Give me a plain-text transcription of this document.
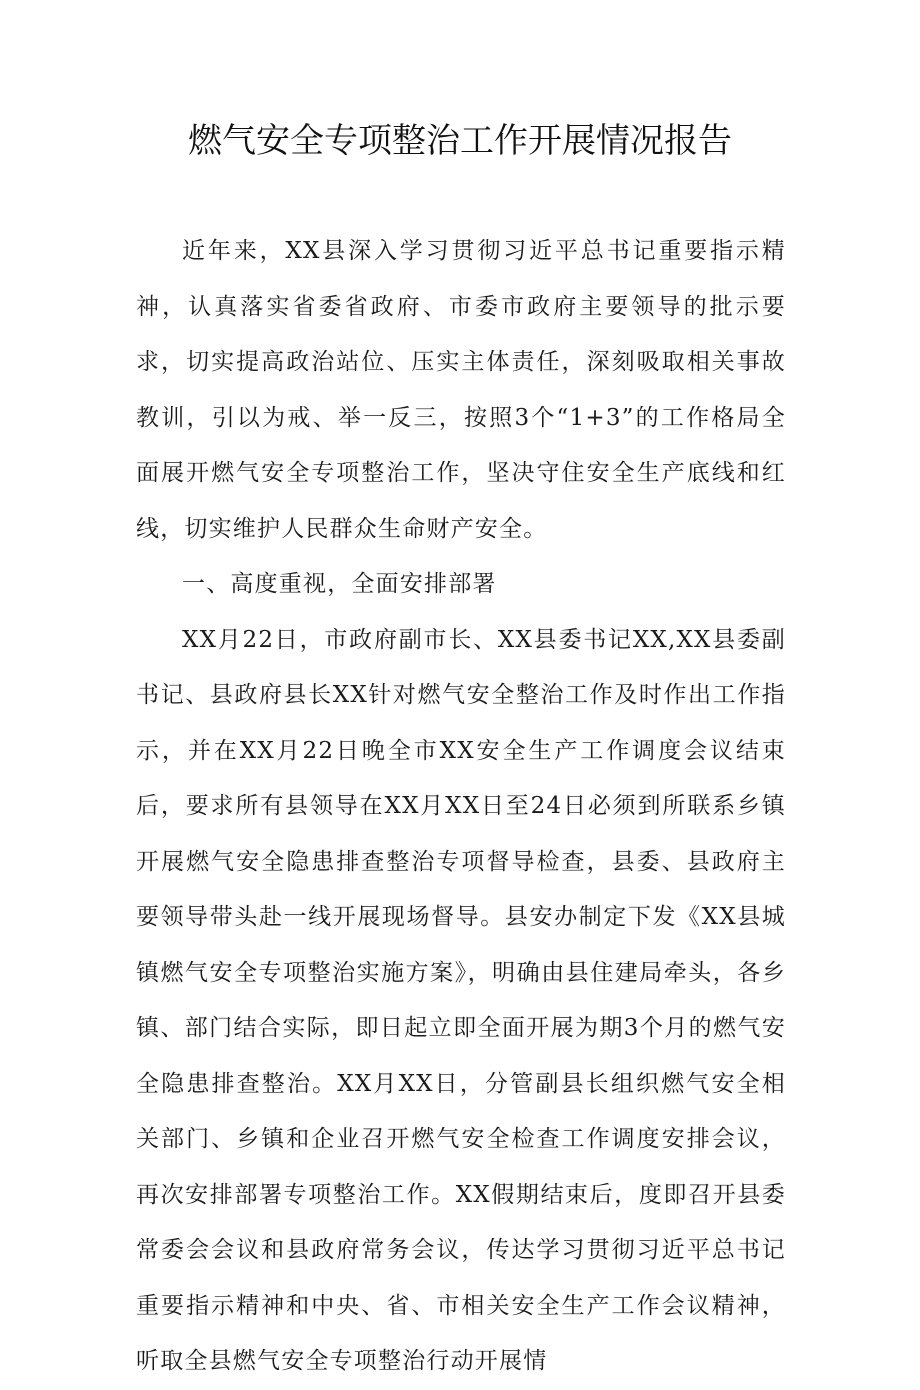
燃气安全专项整治工作开展情况报告

近年来，XX县深入学习贯彻习近平总书记重要指示精神，认真落实省委省政府、市委市政府主要领导的批示要求，切实提高政治站位、压实主体责任，深刻吸取相关事故教训，引以为戒、举一反三，按照3个“1+3”的工作格局全面展开燃气安全专项整治工作，坚决守住安全生产底线和红线，切实维护人民群众生命财产安全。

一、高度重视，全面安排部署

XX月22日，市政府副市长、XX县委书记XX,XX县委副书记、县政府县长XX针对燃气安全整治工作及时作出工作指示，并在XX月22日晚全市XX安全生产工作调度会议结束后，要求所有县领导在XX月XX日至24日必须到所联系乡镇开展燃气安全隐患排查整治专项督导检查，县委、县政府主要领导带头赴一线开展现场督导。县安办制定下发《XX县城镇燃气安全专项整治实施方案》，明确由县住建局牵头，各乡镇、部门结合实际，即日起立即全面开展为期3个月的燃气安全隐患排查整治。XX月XX日，分管副县长组织燃气安全相关部门、乡镇和企业召开燃气安全检查工作调度安排会议，再次安排部署专项整治工作。XX假期结束后，度即召开县委常委会会议和县政府常务会议，传达学习贯彻习近平总书记重要指示精神和中央、省、市相关安全生产工作会议精神，听取全县燃气安全专项整治行动开展情
